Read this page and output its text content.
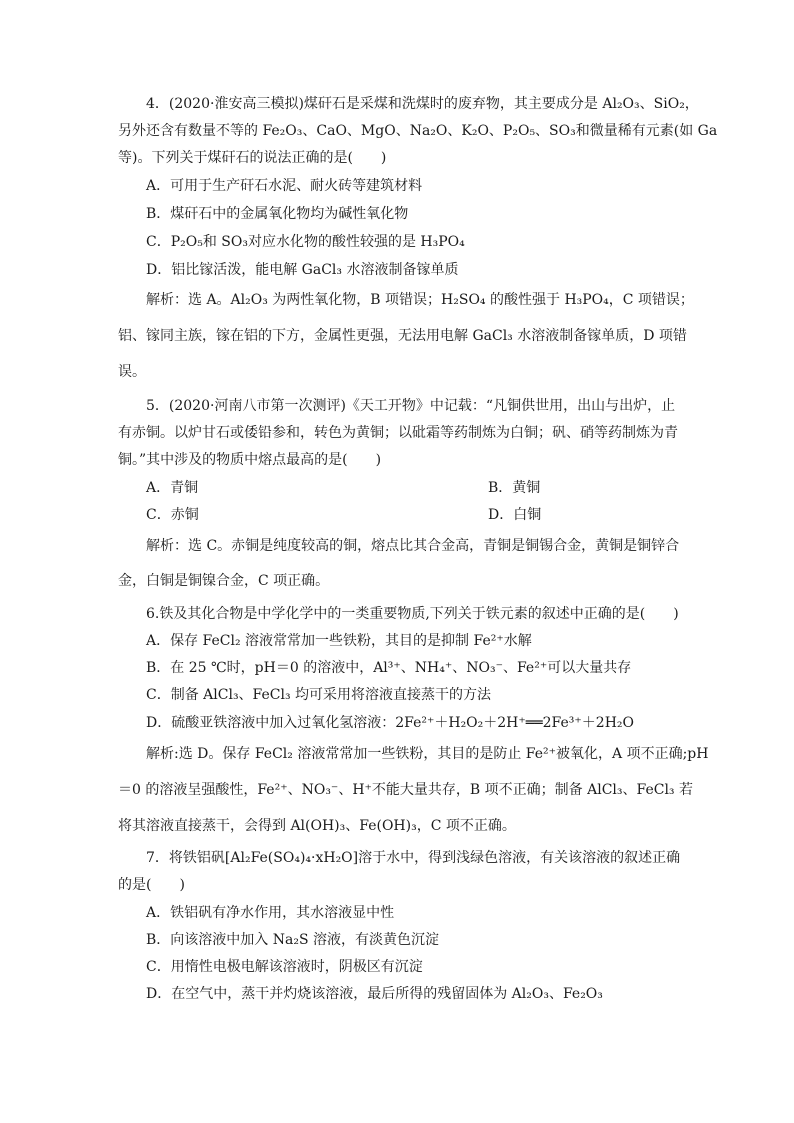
4．(2020·淮安高三模拟)煤矸石是采煤和洗煤时的废弃物，其主要成分是 Al₂O₃、SiO₂，
另外还含有数量不等的 Fe₂O₃、CaO、MgO、Na₂O、K₂O、P₂O₅、SO₃和微量稀有元素(如 Ga
等)。下列关于煤矸石的说法正确的是(　　)
A．可用于生产矸石水泥、耐火砖等建筑材料
B．煤矸石中的金属氧化物均为碱性氧化物
C．P₂O₅和 SO₃对应水化物的酸性较强的是 H₃PO₄
D．铝比镓活泼，能电解 GaCl₃ 水溶液制备镓单质
解析：选 A。Al₂O₃ 为两性氧化物，B 项错误；H₂SO₄ 的酸性强于 H₃PO₄，C 项错误；
铝、镓同主族，镓在铝的下方，金属性更强，无法用电解 GaCl₃ 水溶液制备镓单质，D 项错
误。
5．(2020·河南八市第一次测评)《天工开物》中记载：“凡铜供世用，出山与出炉，止
有赤铜。以炉甘石或倭铅参和，转色为黄铜；以砒霜等药制炼为白铜；矾、硝等药制炼为青
铜。”其中涉及的物质中熔点最高的是(　　)
A．青铜	B．黄铜
C．赤铜	D．白铜
解析：选 C。赤铜是纯度较高的铜，熔点比其合金高，青铜是铜锡合金，黄铜是铜锌合
金，白铜是铜镍合金，C 项正确。
6.铁及其化合物是中学化学中的一类重要物质,下列关于铁元素的叙述中正确的是(　　)
A．保存 FeCl₂ 溶液常常加一些铁粉，其目的是抑制 Fe²⁺水解
B．在 25 ℃时，pH＝0 的溶液中，Al³⁺、NH₄⁺、NO₃⁻、Fe²⁺可以大量共存
C．制备 AlCl₃、FeCl₃ 均可采用将溶液直接蒸干的方法
D．硫酸亚铁溶液中加入过氧化氢溶液：2Fe²⁺＋H₂O₂＋2H⁺══2Fe³⁺＋2H₂O
解析:选 D。保存 FeCl₂ 溶液常常加一些铁粉，其目的是防止 Fe²⁺被氧化，A 项不正确;pH
＝0 的溶液呈强酸性，Fe²⁺、NO₃⁻、H⁺不能大量共存，B 项不正确；制备 AlCl₃、FeCl₃ 若
将其溶液直接蒸干，会得到 Al(OH)₃、Fe(OH)₃，C 项不正确。
7．将铁铝矾[Al₂Fe(SO₄)₄·xH₂O]溶于水中，得到浅绿色溶液，有关该溶液的叙述正确
的是(　　)
A．铁铝矾有净水作用，其水溶液显中性
B．向该溶液中加入 Na₂S 溶液，有淡黄色沉淀
C．用惰性电极电解该溶液时，阴极区有沉淀
D．在空气中，蒸干并灼烧该溶液，最后所得的残留固体为 Al₂O₃、Fe₂O₃
